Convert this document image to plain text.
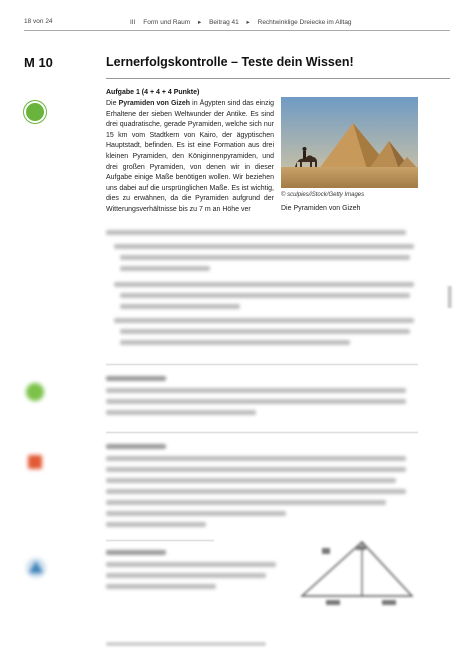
18 von 24	III Form und Raum ▸ Beitrag 41 ▸ Rechtwinklige Dreiecke im Alltag
M 10	Lernerfolgskontrolle – Teste dein Wissen!
Aufgabe 1 (4 + 4 + 4 Punkte)
Die Pyramiden von Gizeh in Ägypten sind das einzig Erhaltene der sieben Weltwunder der Antike. Es sind drei quadratische, gerade Pyramiden, welche sich nur 15 km vom Stadtkern von Kairo, der ägyptischen Hauptstadt, befinden. Es ist eine Formation aus drei kleinen Pyramiden, den Königinnenpyramiden, und drei großen Pyramiden, von denen wir in dieser Aufgabe einige Maße benötigen wollen. Wir beziehen uns dabei auf die ursprünglichen Maße. Es ist wichtig, dies zu erwähnen, da die Pyramiden aufgrund der Witterungsverhältnisse bis zu 7 m an Höhe ver
© sculpies/iStock/Getty Images
Die Pyramiden von Gizeh
▮▮▮▮▮▮▮▮
